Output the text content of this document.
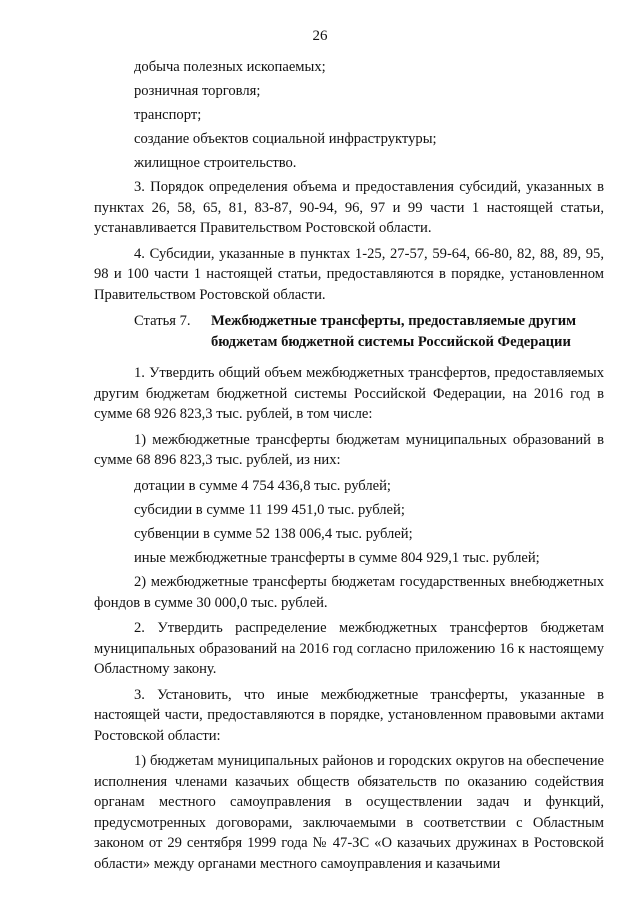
26

добыча полезных ископаемых;

розничная торговля;

транспорт;

создание объектов социальной инфраструктуры;

жилищное строительство.

3. Порядок определения объема и предоставления субсидий, указанных в пунктах 26, 58, 65, 81, 83-87, 90-94, 96, 97 и 99 части 1 настоящей статьи, устанавливается Правительством Ростовской области.

4. Субсидии, указанные в пунктах 1-25, 27-57, 59-64, 66-80, 82, 88, 89, 95, 98 и 100 части 1 настоящей статьи, предоставляются в порядке, установленном Правительством Ростовской области.

Статья 7.	Межбюджетные трансферты, предоставляемые другим
бюджетам бюджетной системы Российской Федерации

1. Утвердить общий объем межбюджетных трансфертов, предоставляемых другим бюджетам бюджетной системы Российской Федерации, на 2016 год в сумме 68 926 823,3 тыс. рублей, в том числе:

1) межбюджетные трансферты бюджетам муниципальных образований в сумме 68 896 823,3 тыс. рублей, из них:

дотации в сумме 4 754 436,8 тыс. рублей;

субсидии в сумме 11 199 451,0 тыс. рублей;

субвенции в сумме 52 138 006,4 тыс. рублей;

иные межбюджетные трансферты в сумме 804 929,1 тыс. рублей;

2) межбюджетные трансферты бюджетам государственных внебюджетных фондов в сумме 30 000,0 тыс. рублей.

2. Утвердить распределение межбюджетных трансфертов бюджетам муниципальных образований на 2016 год согласно приложению 16 к настоящему Областному закону.

3. Установить, что иные межбюджетные трансферты, указанные в настоящей части, предоставляются в порядке, установленном правовыми актами Ростовской области:

1) бюджетам муниципальных районов и городских округов на обеспечение исполнения членами казачьих обществ обязательств по оказанию содействия органам местного самоуправления в осуществлении задач и функций, предусмотренных договорами, заключаемыми в соответствии с Областным законом от 29 сентября 1999 года № 47-ЗС «О казачьих дружинах в Ростовской области» между органами местного самоуправления и казачьими
